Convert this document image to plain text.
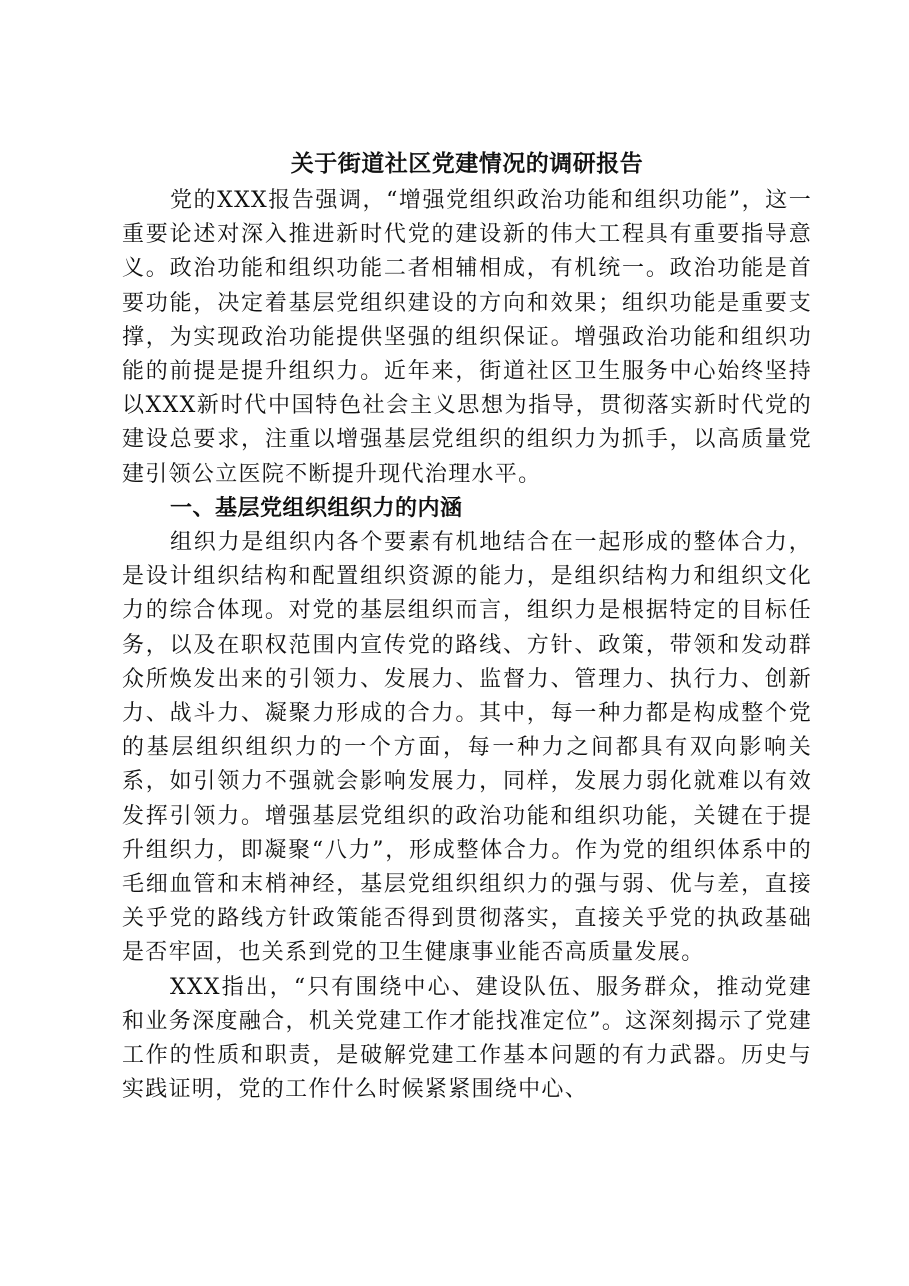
关于街道社区党建情况的调研报告

党的XXX报告强调，“增强党组织政治功能和组织功能”，这一重要论述对深入推进新时代党的建设新的伟大工程具有重要指导意义。政治功能和组织功能二者相辅相成，有机统一。政治功能是首要功能，决定着基层党组织建设的方向和效果；组织功能是重要支撑，为实现政治功能提供坚强的组织保证。增强政治功能和组织功能的前提是提升组织力。近年来，街道社区卫生服务中心始终坚持以XXX新时代中国特色社会主义思想为指导，贯彻落实新时代党的建设总要求，注重以增强基层党组织的组织力为抓手，以高质量党建引领公立医院不断提升现代治理水平。

一、基层党组织组织力的内涵

组织力是组织内各个要素有机地结合在一起形成的整体合力，是设计组织结构和配置组织资源的能力，是组织结构力和组织文化力的综合体现。对党的基层组织而言，组织力是根据特定的目标任务，以及在职权范围内宣传党的路线、方针、政策，带领和发动群众所焕发出来的引领力、发展力、监督力、管理力、执行力、创新力、战斗力、凝聚力形成的合力。其中，每一种力都是构成整个党的基层组织组织力的一个方面，每一种力之间都具有双向影响关系，如引领力不强就会影响发展力，同样，发展力弱化就难以有效发挥引领力。增强基层党组织的政治功能和组织功能，关键在于提升组织力，即凝聚“八力”，形成整体合力。作为党的组织体系中的毛细血管和末梢神经，基层党组织组织力的强与弱、优与差，直接关乎党的路线方针政策能否得到贯彻落实，直接关乎党的执政基础是否牢固，也关系到党的卫生健康事业能否高质量发展。

XXX指出，“只有围绕中心、建设队伍、服务群众，推动党建和业务深度融合，机关党建工作才能找准定位”。这深刻揭示了党建工作的性质和职责，是破解党建工作基本问题的有力武器。历史与实践证明，党的工作什么时候紧紧围绕中心、
